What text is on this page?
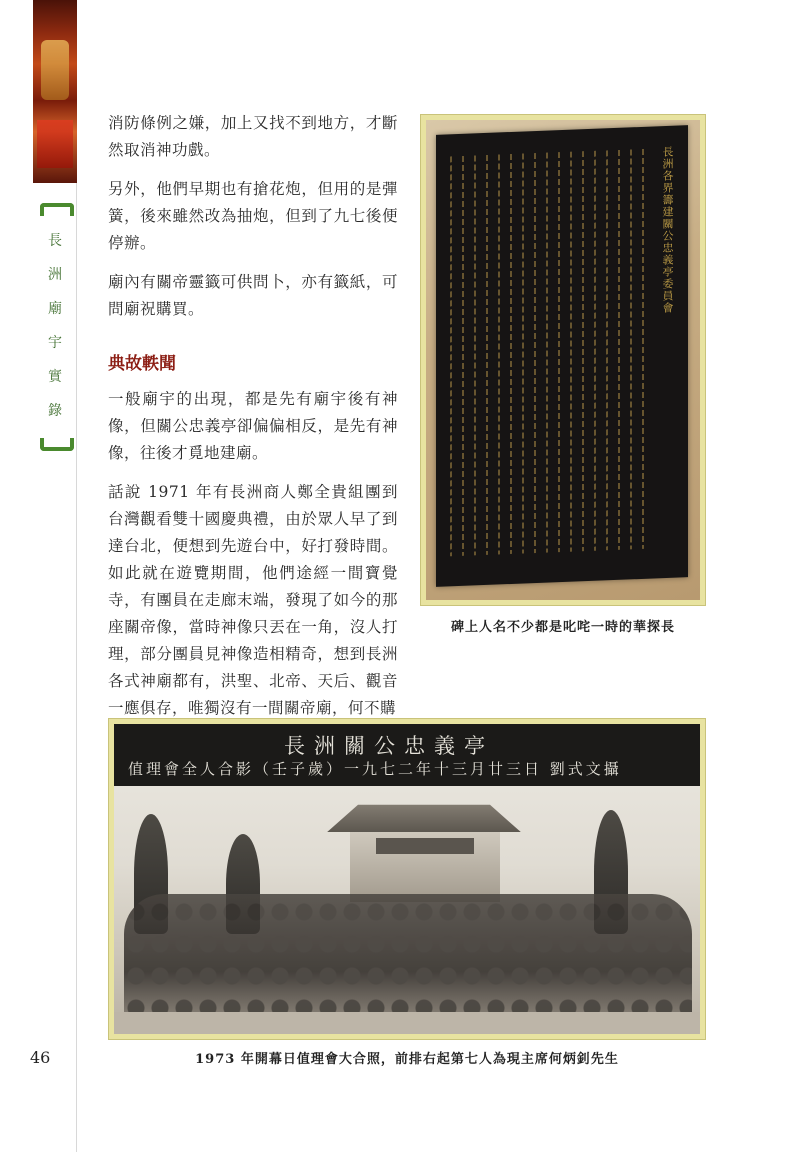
長
洲
廟
宇
實
錄

消防條例之嫌，加上又找不到地方，才斷然取消神功戲。

另外，他們早期也有搶花炮，但用的是彈簧，後來雖然改為抽炮，但到了九七後便停辦。

廟內有關帝靈籤可供問卜，亦有籤紙，可問廟祝購買。

典故軼聞

一般廟宇的出現，都是先有廟宇後有神像，但關公忠義亭卻偏偏相反，是先有神像，往後才覓地建廟。

話說 1971 年有長洲商人鄭全貴組團到台灣觀看雙十國慶典禮，由於眾人早了到達台北，便想到先遊台中，好打發時間。如此就在遊覽期間，他們途經一間寶覺寺，有團員在走廊末端，發現了如今的那座關帝像，當時神像只丟在一角，沒人打理，部分團員見神像造相精奇，想到長洲各式神廟都有，洪聖、北帝、天后、觀音一應俱存，唯獨沒有一間關帝廟，何不購

長洲各界籌建關公忠義亭委員會
碑上人名不少都是叱咤一時的華探長
長洲關公忠義亭
值理會全人合影（壬子歲）一九七二年十三月廿三日 劉式文攝
1973 年開幕日值理會大合照，前排右起第七人為現主席何炳釗先生
46
